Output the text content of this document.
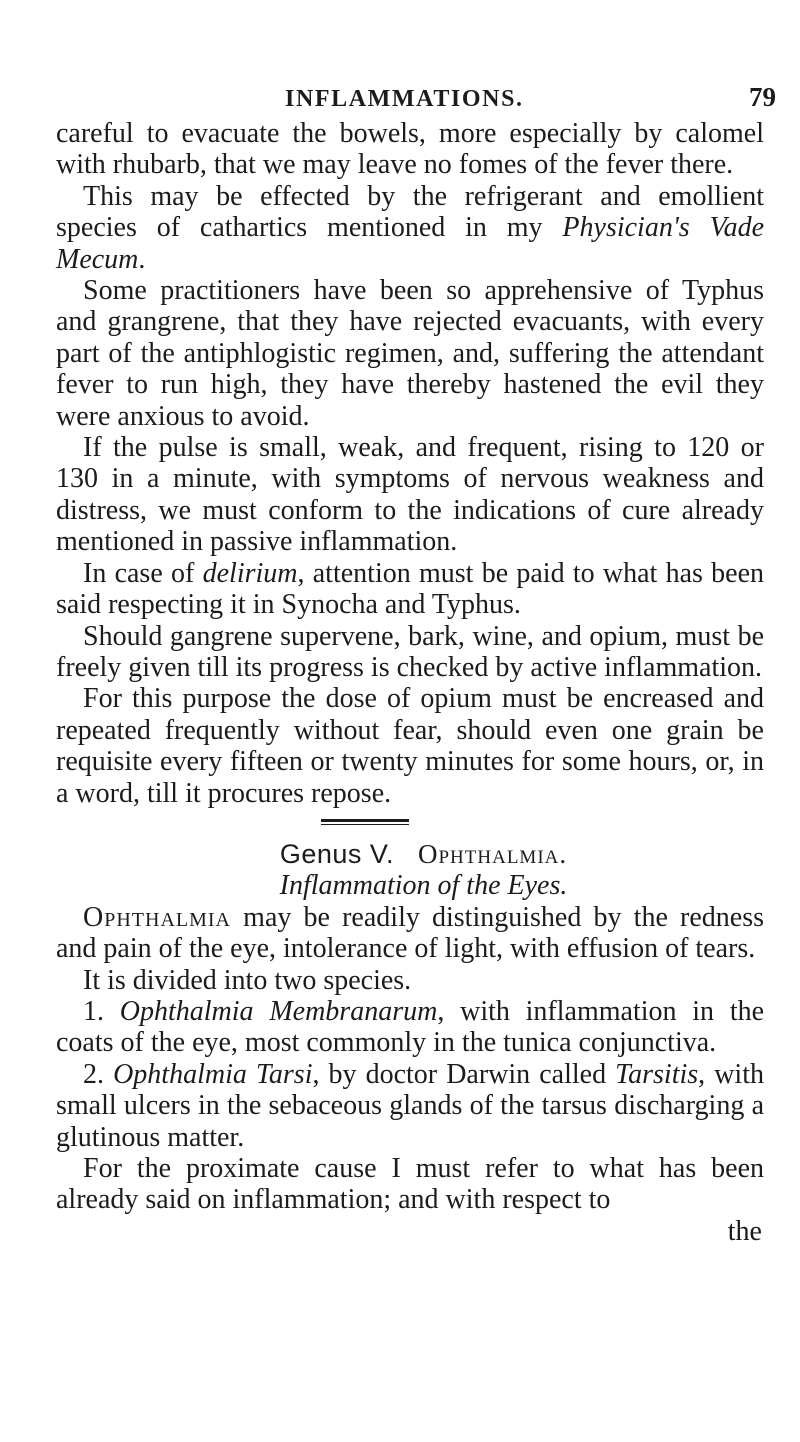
INFLAMMATIONS.	79

careful to evacuate the bowels, more especially by calomel with rhubarb, that we may leave no fomes of the fever there.

This may be effected by the refrigerant and emollient species of cathartics mentioned in my Physician's Vade Mecum.

Some practitioners have been so apprehensive of Typhus and grangrene, that they have rejected evacuants, with every part of the antiphlogistic regimen, and, suffering the attendant fever to run high, they have thereby hastened the evil they were anxious to avoid.

If the pulse is small, weak, and frequent, rising to 120 or 130 in a minute, with symptoms of nervous weakness and distress, we must conform to the indications of cure already mentioned in passive inflammation.

In case of delirium, attention must be paid to what has been said respecting it in Synocha and Typhus.

Should gangrene supervene, bark, wine, and opium, must be freely given till its progress is checked by active inflammation.

For this purpose the dose of opium must be encreased and repeated frequently without fear, should even one grain be requisite every fifteen or twenty minutes for some hours, or, in a word, till it procures repose.

Genus V. Ophthalmia.

Inflammation of the Eyes.

Ophthalmia may be readily distinguished by the redness and pain of the eye, intolerance of light, with effusion of tears.

It is divided into two species.

1. Ophthalmia Membranarum, with inflammation in the coats of the eye, most commonly in the tunica conjunctiva.

2. Ophthalmia Tarsi, by doctor Darwin called Tarsitis, with small ulcers in the sebaceous glands of the tarsus discharging a glutinous matter.

For the proximate cause I must refer to what has been already said on inflammation; and with respect to
the
